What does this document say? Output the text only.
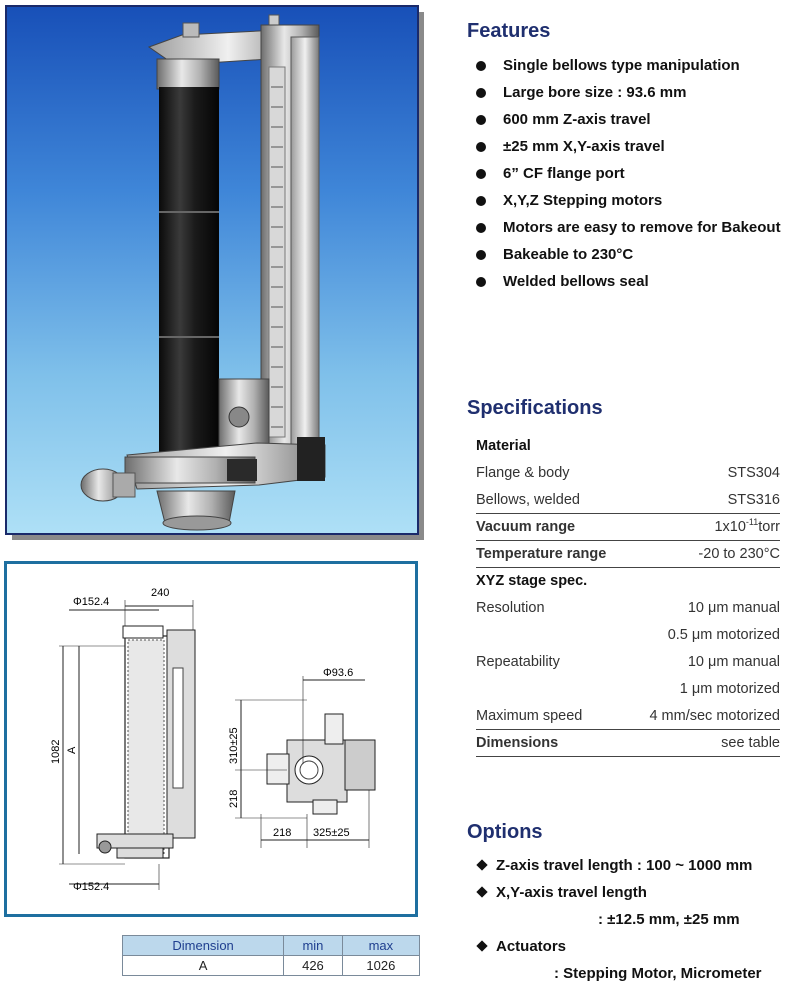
Φ152.4
240
1082 A
Φ152.4
Φ93.6
310±25
218
218 325±25
Dimension	min	max
A	426	1026
Features
Single bellows type manipulation
Large bore size : 93.6 mm
600 mm Z-axis travel
±25 mm X,Y-axis travel
6” CF flange port
X,Y,Z Stepping motors
Motors are easy to remove for Bakeout
Bakeable to 230°C
Welded bellows seal
Specifications
Material
Flange & body	STS304
Bellows, welded	STS316
Vacuum range	$1x10^{-11}torr$
Temperature range	-20 to 230°C
XYZ stage spec.
Resolution	10 μm manual
0.5 μm motorized
Repeatability	10 μm manual
1 μm motorized
Maximum speed	4 mm/sec motorized
Dimensions	see table
Options
Z-axis travel length : 100 ~ 1000 mm
X,Y-axis travel length
: ±12.5 mm, ±25 mm
Actuators
: Stepping Motor, Micrometer
